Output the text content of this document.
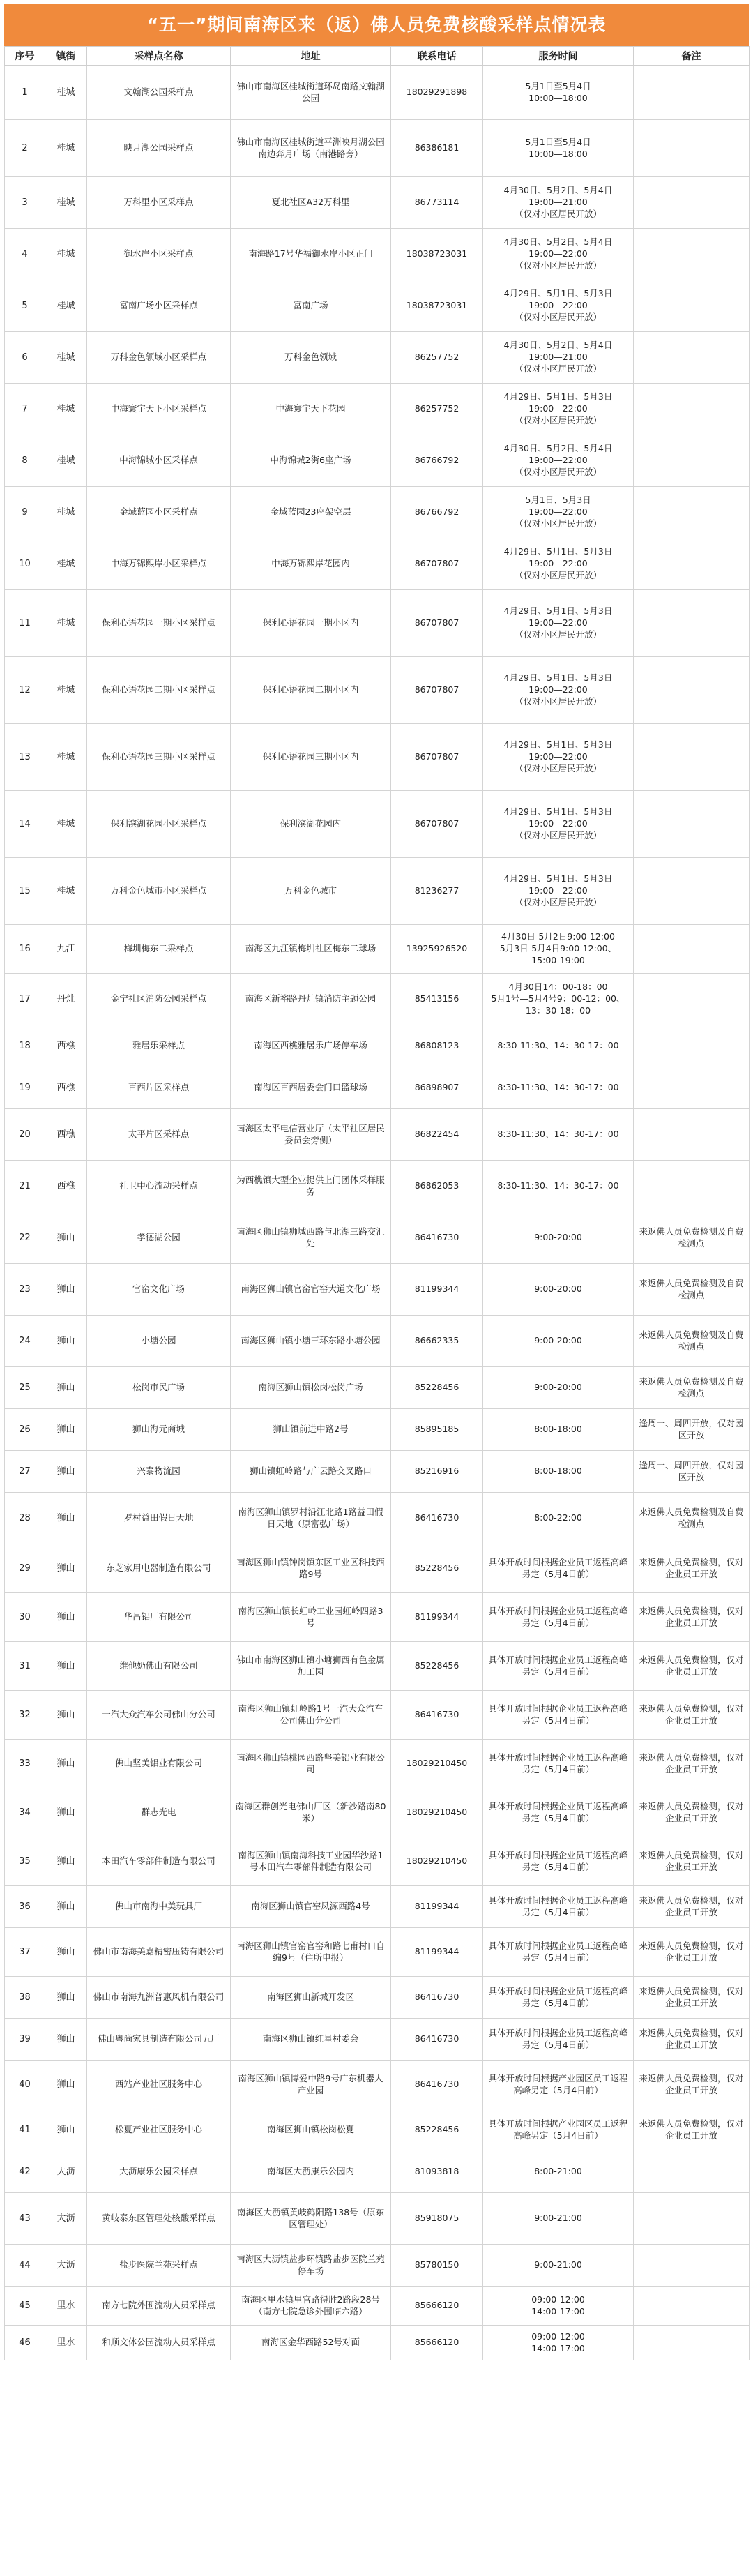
“五一”期间南海区来（返）佛人员免费核酸采样点情况表
序号	镇街	采样点名称	地址	联系电话	服务时间	备注
1	桂城	文翰湖公园采样点	佛山市南海区桂城街道环岛南路文翰湖公园	18029291898	5月1日至5月4日
10:00—18:00	
2	桂城	映月湖公园采样点	佛山市南海区桂城街道平洲映月湖公园南边奔月广场（南港路旁）	86386181	5月1日至5月4日
10:00—18:00	
3	桂城	万科里小区采样点	夏北社区A32万科里	86773114	4月30日、5月2日、5月4日
19:00—21:00
（仅对小区居民开放）	
4	桂城	御水岸小区采样点	南海路17号华福御水岸小区正门	18038723031	4月30日、5月2日、5月4日
19:00—22:00
（仅对小区居民开放）	
5	桂城	富南广场小区采样点	富南广场	18038723031	4月29日、5月1日、5月3日
19:00—22:00
（仅对小区居民开放）	
6	桂城	万科金色领域小区采样点	万科金色领域	86257752	4月30日、5月2日、5月4日
19:00—21:00
（仅对小区居民开放）	
7	桂城	中海寰宇天下小区采样点	中海寰宇天下花园	86257752	4月29日、5月1日、5月3日
19:00—22:00
（仅对小区居民开放）	
8	桂城	中海锦城小区采样点	中海锦城2街6座广场	86766792	4月30日、5月2日、5月4日
19:00—22:00
（仅对小区居民开放）	
9	桂城	金域蓝园小区采样点	金域蓝园23座架空层	86766792	5月1日、5月3日
19:00—22:00
（仅对小区居民开放）	
10	桂城	中海万锦熙岸小区采样点	中海万锦熙岸花园内	86707807	4月29日、5月1日、5月3日
19:00—22:00
（仅对小区居民开放）	
11	桂城	保利心语花园一期小区采样点	保利心语花园一期小区内	86707807	4月29日、5月1日、5月3日
19:00—22:00
（仅对小区居民开放）	
12	桂城	保利心语花园二期小区采样点	保利心语花园二期小区内	86707807	4月29日、5月1日、5月3日
19:00—22:00
（仅对小区居民开放）	
13	桂城	保利心语花园三期小区采样点	保利心语花园三期小区内	86707807	4月29日、5月1日、5月3日
19:00—22:00
（仅对小区居民开放）	
14	桂城	保利滨湖花园小区采样点	保利滨湖花园内	86707807	4月29日、5月1日、5月3日
19:00—22:00
（仅对小区居民开放）	
15	桂城	万科金色城市小区采样点	万科金色城市	81236277	4月29日、5月1日、5月3日
19:00—22:00
（仅对小区居民开放）	
16	九江	梅圳梅东二采样点	南海区九江镇梅圳社区梅东二球场	13925926520	4月30日-5月2日9:00-12:00
5月3日-5月4日9:00-12:00、
15:00-19:00	
17	丹灶	金宁社区消防公园采样点	南海区新裕路丹灶镇消防主题公园	85413156	4月30日14：00-18：00
5月1号—5月4号9：00-12：00、
13：30-18：00	
18	西樵	雅居乐采样点	南海区西樵雅居乐广场停车场	86808123	8:30-11:30、14：30-17：00	
19	西樵	百西片区采样点	南海区百西居委会门口篮球场	86898907	8:30-11:30、14：30-17：00	
20	西樵	太平片区采样点	南海区太平电信营业厅（太平社区居民委员会旁侧）	86822454	8:30-11:30、14：30-17：00	
21	西樵	社卫中心流动采样点	为西樵镇大型企业提供上门团体采样服务	86862053	8:30-11:30、14：30-17：00	
22	狮山	孝德湖公园	南海区狮山镇狮城西路与北湖三路交汇处	86416730	9:00-20:00	来返佛人员免费检测及自费检测点
23	狮山	官窑文化广场	南海区狮山镇官窑官窑大道文化广场	81199344	9:00-20:00	来返佛人员免费检测及自费检测点
24	狮山	小塘公园	南海区狮山镇小塘三环东路小塘公园	86662335	9:00-20:00	来返佛人员免费检测及自费检测点
25	狮山	松岗市民广场	南海区狮山镇松岗松岗广场	85228456	9:00-20:00	来返佛人员免费检测及自费检测点
26	狮山	狮山海元商城	狮山镇前进中路2号	85895185	8:00-18:00	逢周一、周四开放，仅对园区开放
27	狮山	兴泰物流园	狮山镇虹岭路与广云路交叉路口	85216916	8:00-18:00	逢周一、周四开放，仅对园区开放
28	狮山	罗村益田假日天地	南海区狮山镇罗村沿江北路1路益田假日天地（原富弘广场）	86416730	8:00-22:00	来返佛人员免费检测及自费检测点
29	狮山	东芝家用电器制造有限公司	南海区狮山镇钟岗镇东区工业区科技西路9号	85228456	具体开放时间根据企业员工返程高峰另定（5月4日前）	来返佛人员免费检测，仅对企业员工开放
30	狮山	华昌铝厂有限公司	南海区狮山镇长虹岭工业园虹岭四路3号	81199344	具体开放时间根据企业员工返程高峰另定（5月4日前）	来返佛人员免费检测，仅对企业员工开放
31	狮山	维他奶佛山有限公司	佛山市南海区狮山镇小塘狮西有色金属加工园	85228456	具体开放时间根据企业员工返程高峰另定（5月4日前）	来返佛人员免费检测，仅对企业员工开放
32	狮山	一汽大众汽车公司佛山分公司	南海区狮山镇虹岭路1号一汽大众汽车公司佛山分公司	86416730	具体开放时间根据企业员工返程高峰另定（5月4日前）	来返佛人员免费检测，仅对企业员工开放
33	狮山	佛山坚美铝业有限公司	南海区狮山镇桃园西路坚美铝业有限公司	18029210450	具体开放时间根据企业员工返程高峰另定（5月4日前）	来返佛人员免费检测，仅对企业员工开放
34	狮山	群志光电	南海区群创光电佛山厂区（新沙路南80米）	18029210450	具体开放时间根据企业员工返程高峰另定（5月4日前）	来返佛人员免费检测，仅对企业员工开放
35	狮山	本田汽车零部件制造有限公司	南海区狮山镇南海科技工业园华沙路1号本田汽车零部件制造有限公司	18029210450	具体开放时间根据企业员工返程高峰另定（5月4日前）	来返佛人员免费检测，仅对企业员工开放
36	狮山	佛山市南海中美玩具厂	南海区狮山镇官窑凤源西路4号	81199344	具体开放时间根据企业员工返程高峰另定（5月4日前）	来返佛人员免费检测，仅对企业员工开放
37	狮山	佛山市南海美嘉精密压铸有限公司	南海区狮山镇官窑官窑和路七甫村口自编9号（住所申报）	81199344	具体开放时间根据企业员工返程高峰另定（5月4日前）	来返佛人员免费检测，仅对企业员工开放
38	狮山	佛山市南海九洲普惠风机有限公司	南海区狮山新城开发区	86416730	具体开放时间根据企业员工返程高峰另定（5月4日前）	来返佛人员免费检测，仅对企业员工开放
39	狮山	佛山粤尚家具制造有限公司五厂	南海区狮山镇红星村委会	86416730	具体开放时间根据企业员工返程高峰另定（5月4日前）	来返佛人员免费检测，仅对企业员工开放
40	狮山	西站产业社区服务中心	南海区狮山镇博爱中路9号广东机器人产业园	86416730	具体开放时间根据产业园区员工返程高峰另定（5月4日前）	来返佛人员免费检测，仅对企业员工开放
41	狮山	松夏产业社区服务中心	南海区狮山镇松岗松夏	85228456	具体开放时间根据产业园区员工返程高峰另定（5月4日前）	来返佛人员免费检测，仅对企业员工开放
42	大沥	大沥康乐公园采样点	南海区大沥康乐公园内	81093818	8:00-21:00	
43	大沥	黄岐泰东区管理处核酸采样点	南海区大沥镇黄岐鹤阳路138号（原东区管理处）	85918075	9:00-21:00	
44	大沥	盐步医院兰苑采样点	南海区大沥镇盐步环镇路盐步医院兰苑停车场	85780150	9:00-21:00	
45	里水	南方七院外围流动人员采样点	南海区里水镇里官路得胜2路段28号（南方七院急诊外围临六路）	85666120	09:00-12:00
14:00-17:00	
46	里水	和顺文体公园流动人员采样点	南海区金华西路52号对面	85666120	09:00-12:00
14:00-17:00	
